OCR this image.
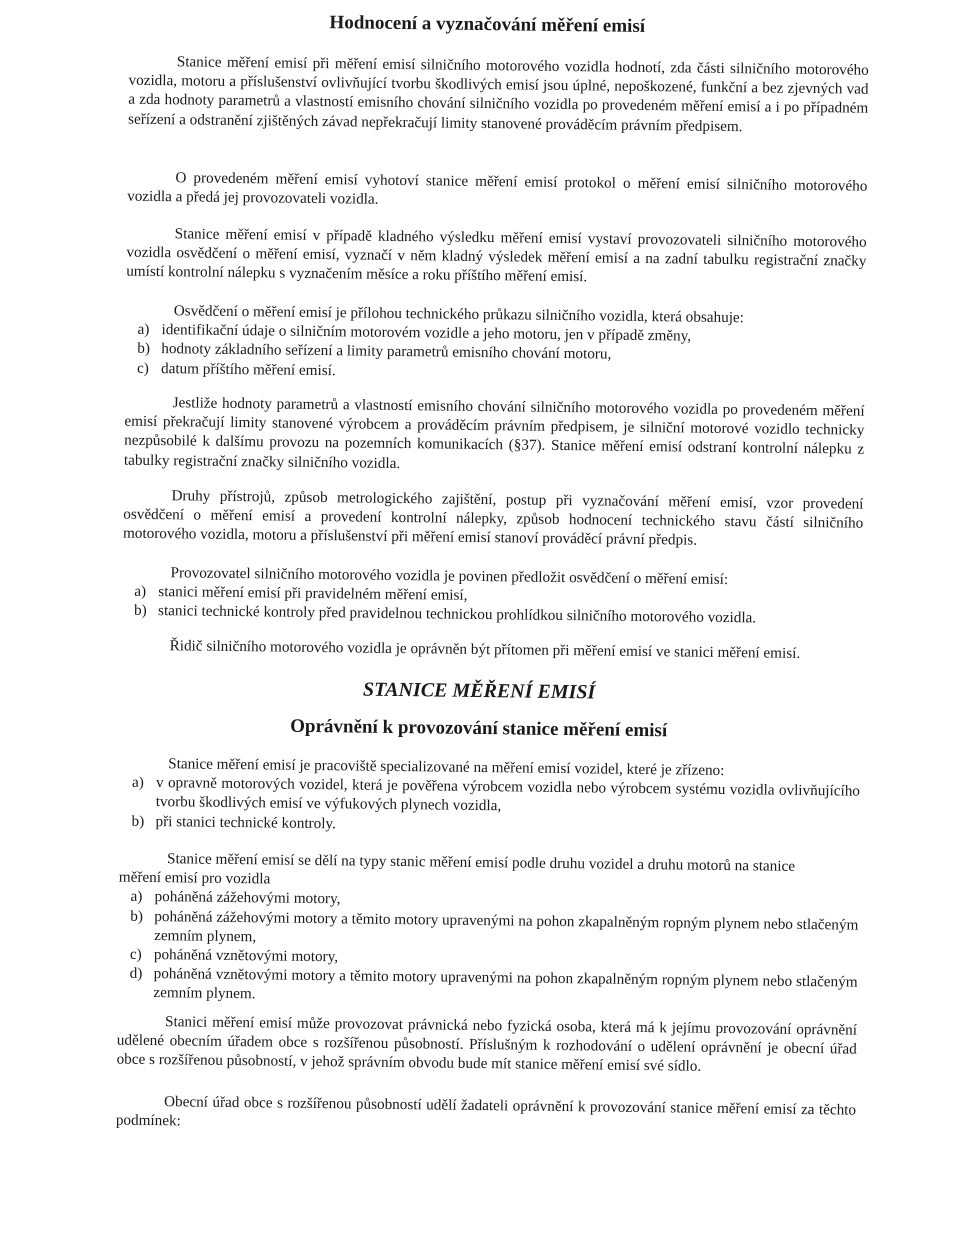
Hodnocení a vyznačování měření emisí

Stanice měření emisí při měření emisí silničního motorového vozidla hodnotí, zda části silničního motorového vozidla, motoru a příslušenství ovlivňující tvorbu škodlivých emisí jsou úplné, nepoškozené, funkční a bez zjevných vad a zda hodnoty parametrů a vlastností emisního chování silničního vozidla po provedeném měření emisí a i po případném seřízení a odstranění zjištěných závad nepřekračují limity stanovené prováděcím právním předpisem.

O provedeném měření emisí vyhotoví stanice měření emisí protokol o měření emisí silničního motorového vozidla a předá jej provozovateli vozidla.

Stanice měření emisí v případě kladného výsledku měření emisí vystaví provozovateli silničního motorového vozidla osvědčení o měření emisí, vyznačí v něm kladný výsledek měření emisí a na zadní tabulku registrační značky umístí kontrolní nálepku s vyznačením měsíce a roku příštího měření emisí.

Osvědčení o měření emisí je přílohou technického průkazu silničního vozidla, která obsahuje:
a) identifikační údaje o silničním motorovém vozidle a jeho motoru, jen v případě změny,
b) hodnoty základního seřízení a limity parametrů emisního chování motoru,
c) datum příštího měření emisí.

Jestliže hodnoty parametrů a vlastností emisního chování silničního motorového vozidla po provedeném měření emisí překračují limity stanovené výrobcem a prováděcím právním předpisem, je silniční motorové vozidlo technicky nezpůsobilé k dalšímu provozu na pozemních komunikacích (§37). Stanice měření emisí odstraní kontrolní nálepku z tabulky registrační značky silničního vozidla.

Druhy přístrojů, způsob metrologického zajištění, postup při vyznačování měření emisí, vzor provedení osvědčení o měření emisí a provedení kontrolní nálepky, způsob hodnocení technického stavu částí silničního motorového vozidla, motoru a příslušenství při měření emisí stanoví prováděcí právní předpis.

Provozovatel silničního motorového vozidla je povinen předložit osvědčení o měření emisí:
a) stanici měření emisí při pravidelném měření emisí,
b) stanici technické kontroly před pravidelnou technickou prohlídkou silničního motorového vozidla.

Řidič silničního motorového vozidla je oprávněn být přítomen při měření emisí ve stanici měření emisí.

STANICE MĚŘENÍ EMISÍ
Oprávnění k provozování stanice měření emisí
Stanice měření emisí je pracoviště specializované na měření emisí vozidel, které je zřízeno:
a) v opravně motorových vozidel, která je pověřena výrobcem vozidla nebo výrobcem systému vozidla ovlivňujícího tvorbu škodlivých emisí ve výfukových plynech vozidla,
b) při stanici technické kontroly.
Stanice měření emisí se dělí na typy stanic měření emisí podle druhu vozidel a druhu motorů na stanice
měření emisí pro vozidla
a) poháněná zážehovými motory,
b) poháněná zážehovými motory a těmito motory upravenými na pohon zkapalněným ropným plynem nebo stlačeným zemním plynem,
c) poháněná vznětovými motory,
d) poháněná vznětovými motory a těmito motory upravenými na pohon zkapalněným ropným plynem nebo stlačeným zemním plynem.

Stanici měření emisí může provozovat právnická nebo fyzická osoba, která má k jejímu provozování oprávnění udělené obecním úřadem obce s rozšířenou působností. Příslušným k rozhodování o udělení oprávnění je obecní úřad obce s rozšířenou působností, v jehož správním obvodu bude mít stanice měření emisí své sídlo.

Obecní úřad obce s rozšířenou působností udělí žadateli oprávnění k provozování stanice měření emisí za těchto podmínek:
